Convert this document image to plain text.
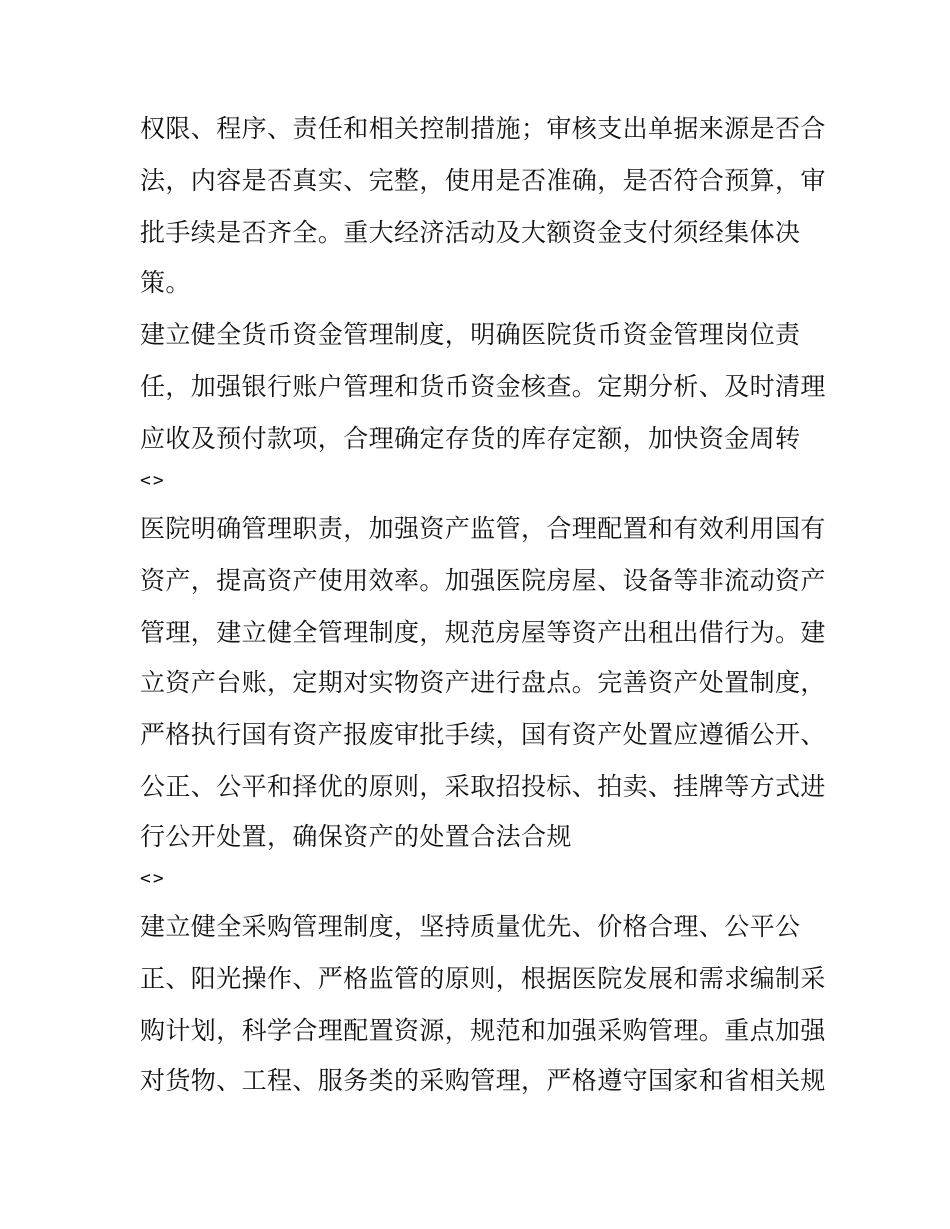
权限、程序、责任和相关控制措施；审核支出单据来源是否合
法，内容是否真实、完整，使用是否准确，是否符合预算，审
批手续是否齐全。重大经济活动及大额资金支付须经集体决
策。
建立健全货币资金管理制度，明确医院货币资金管理岗位责
任，加强银行账户管理和货币资金核查。定期分析、及时清理
应收及预付款项，合理确定存货的库存定额，加快资金周转
<>
医院明确管理职责，加强资产监管，合理配置和有效利用国有
资产，提高资产使用效率。加强医院房屋、设备等非流动资产
管理，建立健全管理制度，规范房屋等资产出租出借行为。建
立资产台账，定期对实物资产进行盘点。完善资产处置制度，
严格执行国有资产报废审批手续，国有资产处置应遵循公开、
公正、公平和择优的原则，采取招投标、拍卖、挂牌等方式进
行公开处置，确保资产的处置合法合规
<>
建立健全采购管理制度，坚持质量优先、价格合理、公平公
正、阳光操作、严格监管的原则，根据医院发展和需求编制采
购计划，科学合理配置资源，规范和加强采购管理。重点加强
对货物、工程、服务类的采购管理，严格遵守国家和省相关规
